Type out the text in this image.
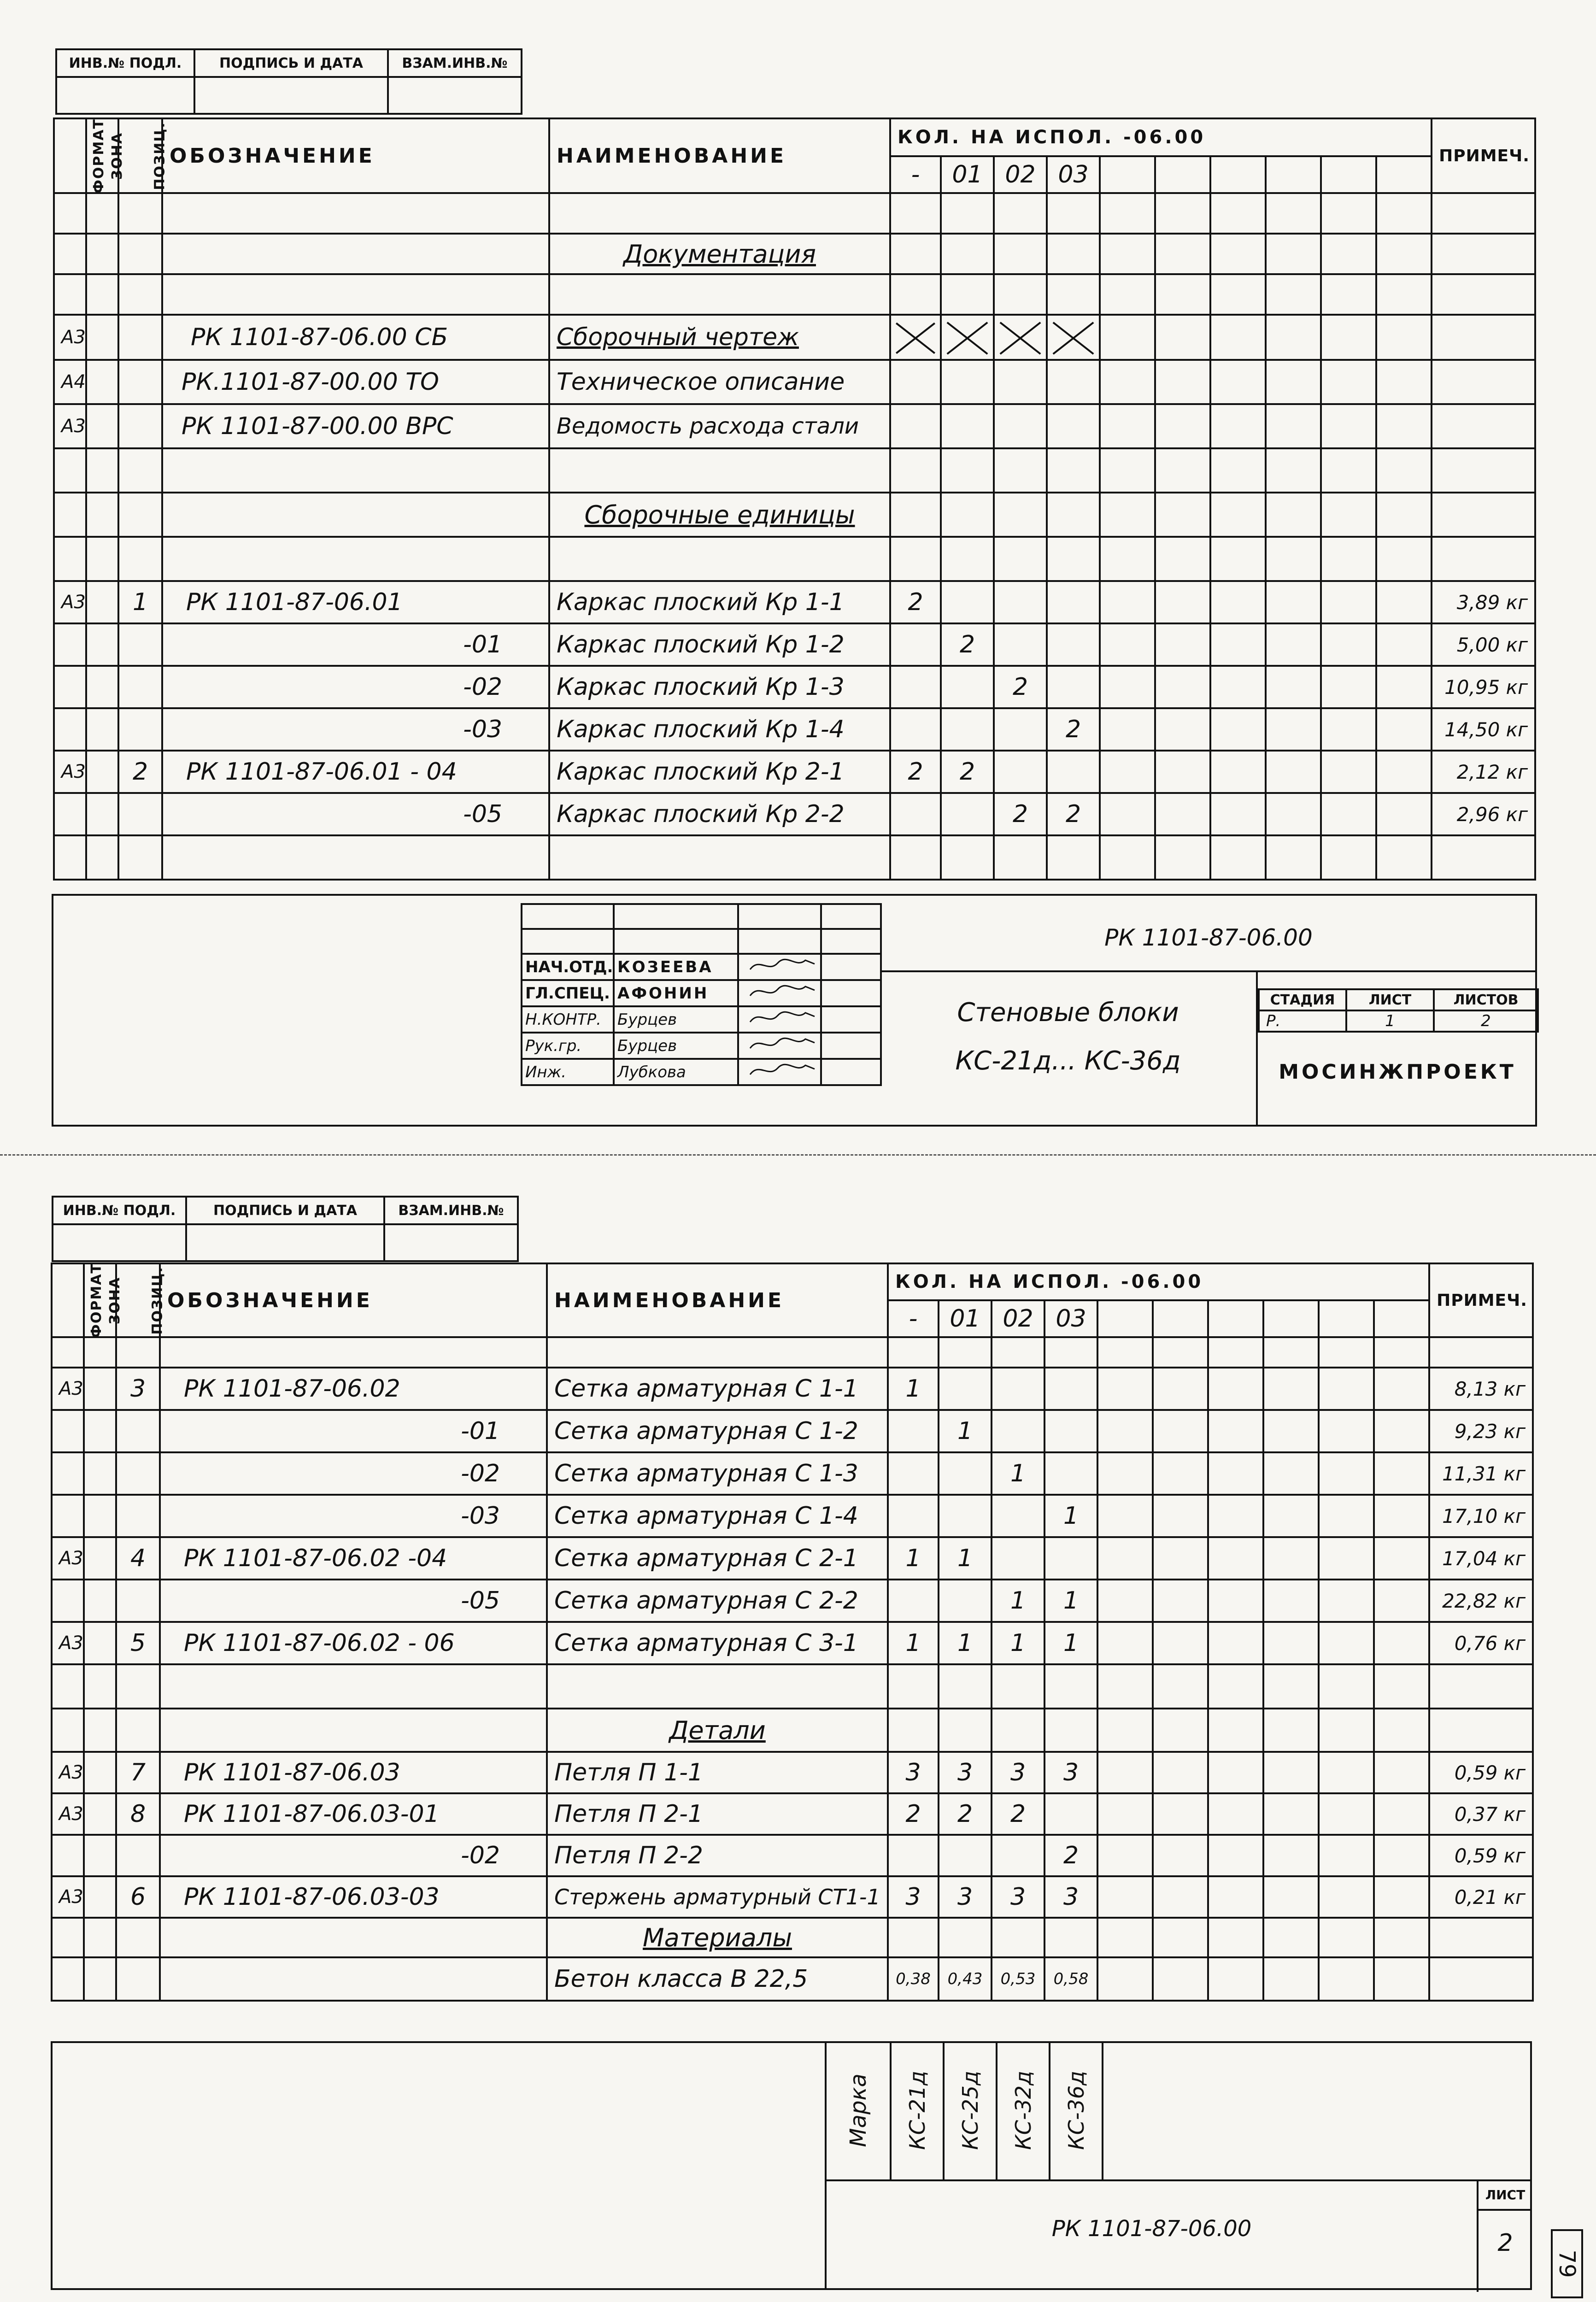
ИНВ.№ ПОДЛ.	ПОДПИСЬ И ДАТА	ВЗАМ.ИНВ.№

ФОРМАТ	ЗОНА	ПОЗИЦ.	ОБОЗНАЧЕНИЕ	НАИМЕНОВАНИЕ	КОЛ. НА ИСПОЛ. -06.00										ПРИМЕЧ.
					-	01	02	03							

				Документация											

A3			РК 1101-87-06.00 СБ	Сборочный чертеж											
A4			РК.1101-87-00.00 ТО	Техническое описание											
A3			РК 1101-87-00.00 ВРС	Ведомость расхода стали											

				Сборочные единицы											

A3		1	РК 1101-87-06.01	Каркас плоский Кр 1-1	2										3,89 кг
			-01	Каркас плоский Кр 1-2		2									5,00 кг
			-02	Каркас плоский Кр 1-3			2								10,95 кг
			-03	Каркас плоский Кр 1-4				2							14,50 кг
A3		2	РК 1101-87-06.01 - 04	Каркас плоский Кр 2-1	2	2									2,12 кг
			-05	Каркас плоский Кр 2-2			2	2							2,96 кг

НАЧ.ОТД.	КОЗЕЕВА		
ГЛ.СПЕЦ.	АФОНИН		
Н.КОНТР.	Бурцев		
Рук.гр.	Бурцев		
Инж.	Лубкова		
РК 1101-87-06.00
Стеновые блоки
КС-21д... КС-36д
СТАДИЯ	ЛИСТ	ЛИСТОВ
Р.	1	2
МОСИНЖПРОЕКТ
ИНВ.№ ПОДЛ.	ПОДПИСЬ И ДАТА	ВЗАМ.ИНВ.№

ФОРМАТ	ЗОНА	ПОЗИЦ.	ОБОЗНАЧЕНИЕ	НАИМЕНОВАНИЕ	КОЛ. НА ИСПОЛ. -06.00										ПРИМЕЧ.
					-	01	02	03							

A3		3	РК 1101-87-06.02	Сетка арматурная С 1-1	1										8,13 кг
			-01	Сетка арматурная С 1-2		1									9,23 кг
			-02	Сетка арматурная С 1-3			1								11,31 кг
			-03	Сетка арматурная С 1-4				1							17,10 кг
A3		4	РК 1101-87-06.02 -04	Сетка арматурная С 2-1	1	1									17,04 кг
			-05	Сетка арматурная С 2-2			1	1							22,82 кг
A3		5	РК 1101-87-06.02 - 06	Сетка арматурная С 3-1	1	1	1	1							0,76 кг

				Детали											
A3		7	РК 1101-87-06.03	Петля П 1-1	3	3	3	3							0,59 кг
A3		8	РК 1101-87-06.03-01	Петля П 2-1	2	2	2								0,37 кг
			-02	Петля П 2-2				2							0,59 кг
A3		6	РК 1101-87-06.03-03	Стержень арматурный СТ1-1	3	3	3	3							0,21 кг
				Материалы											
				Бетон класса В 22,5	0,38	0,43	0,53	0,58							
Марка КС-21д КС-25д КС-32д КС-36д
РК 1101-87-06.00
ЛИСТ
2
79
